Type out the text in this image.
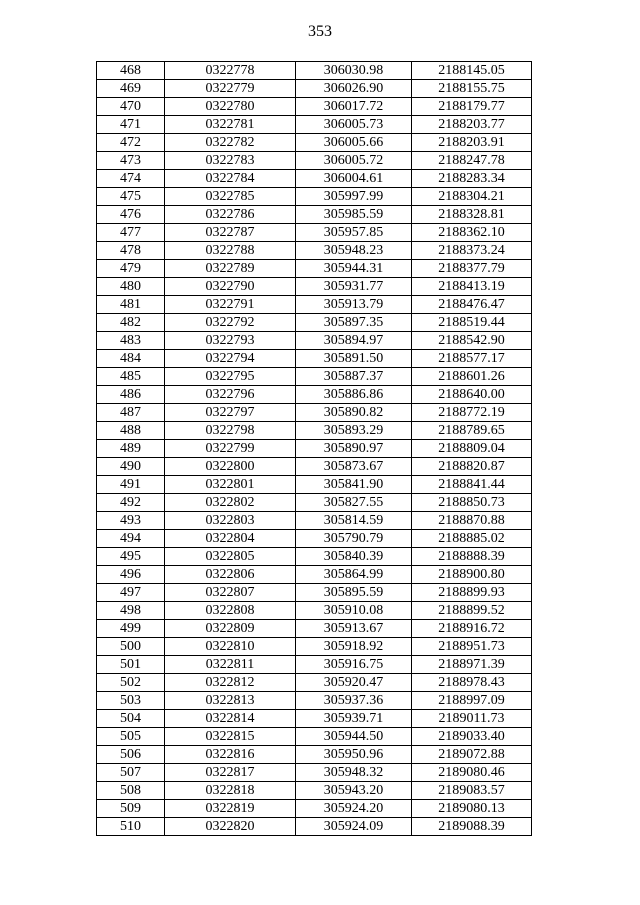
353
468	0322778	306030.98	2188145.05
469	0322779	306026.90	2188155.75
470	0322780	306017.72	2188179.77
471	0322781	306005.73	2188203.77
472	0322782	306005.66	2188203.91
473	0322783	306005.72	2188247.78
474	0322784	306004.61	2188283.34
475	0322785	305997.99	2188304.21
476	0322786	305985.59	2188328.81
477	0322787	305957.85	2188362.10
478	0322788	305948.23	2188373.24
479	0322789	305944.31	2188377.79
480	0322790	305931.77	2188413.19
481	0322791	305913.79	2188476.47
482	0322792	305897.35	2188519.44
483	0322793	305894.97	2188542.90
484	0322794	305891.50	2188577.17
485	0322795	305887.37	2188601.26
486	0322796	305886.86	2188640.00
487	0322797	305890.82	2188772.19
488	0322798	305893.29	2188789.65
489	0322799	305890.97	2188809.04
490	0322800	305873.67	2188820.87
491	0322801	305841.90	2188841.44
492	0322802	305827.55	2188850.73
493	0322803	305814.59	2188870.88
494	0322804	305790.79	2188885.02
495	0322805	305840.39	2188888.39
496	0322806	305864.99	2188900.80
497	0322807	305895.59	2188899.93
498	0322808	305910.08	2188899.52
499	0322809	305913.67	2188916.72
500	0322810	305918.92	2188951.73
501	0322811	305916.75	2188971.39
502	0322812	305920.47	2188978.43
503	0322813	305937.36	2188997.09
504	0322814	305939.71	2189011.73
505	0322815	305944.50	2189033.40
506	0322816	305950.96	2189072.88
507	0322817	305948.32	2189080.46
508	0322818	305943.20	2189083.57
509	0322819	305924.20	2189080.13
510	0322820	305924.09	2189088.39
